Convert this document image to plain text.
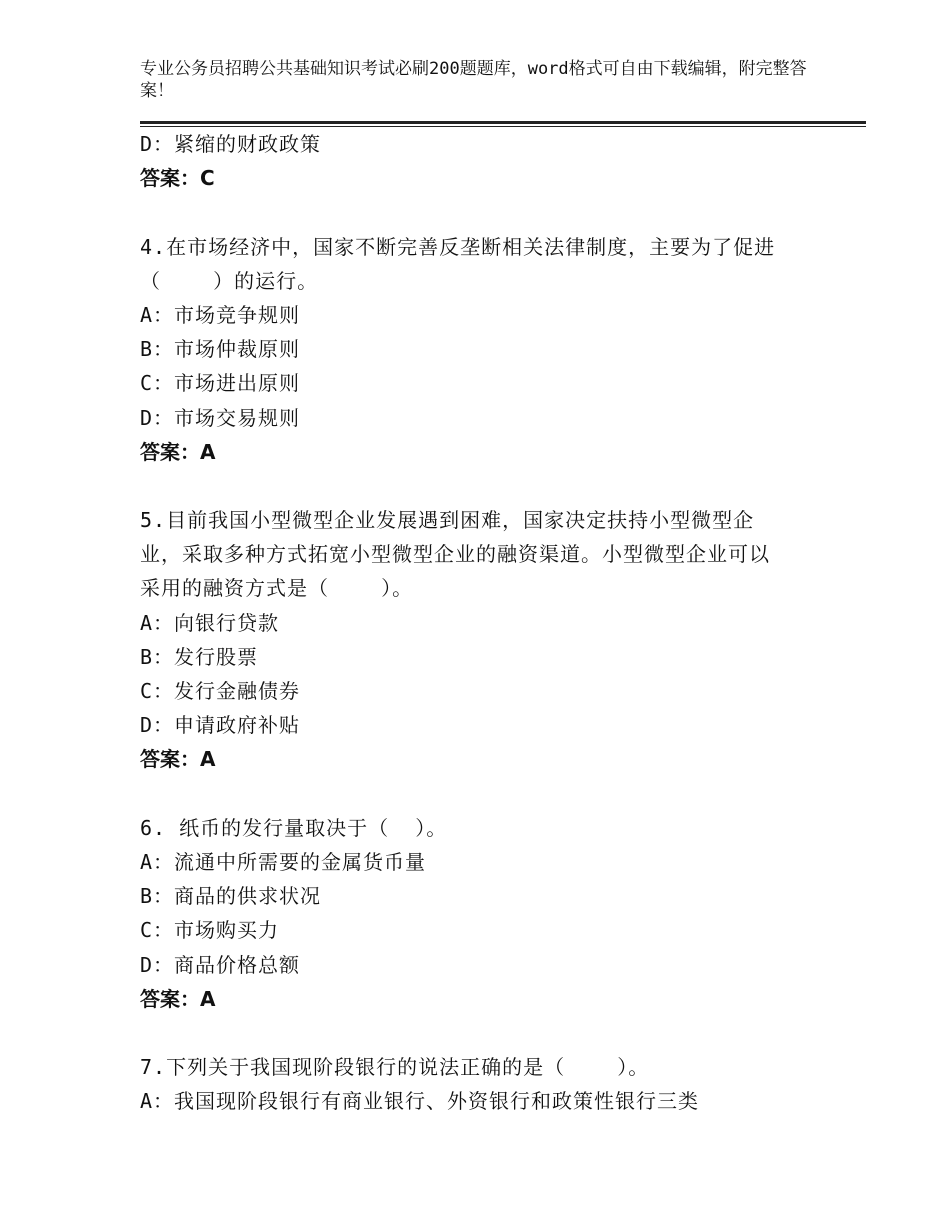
专业公务员招聘公共基础知识考试必刷200题题库，word格式可自由下载编辑，附完整答案！
D：紧缩的财政政策
答案：C
4.在市场经济中，国家不断完善反垄断相关法律制度，主要为了促进
（    ）的运行。
A：市场竞争规则
B：市场仲裁原则
C：市场进出原则
D：市场交易规则
答案：A
5.目前我国小型微型企业发展遇到困难，国家决定扶持小型微型企
业，采取多种方式拓宽小型微型企业的融资渠道。小型微型企业可以
采用的融资方式是（    ）。
A：向银行贷款
B：发行股票
C：发行金融债券
D：申请政府补贴
答案：A
6. 纸币的发行量取决于（  ）。
A：流通中所需要的金属货币量
B：商品的供求状况
C：市场购买力
D：商品价格总额
答案：A
7.下列关于我国现阶段银行的说法正确的是（    ）。
A：我国现阶段银行有商业银行、外资银行和政策性银行三类
